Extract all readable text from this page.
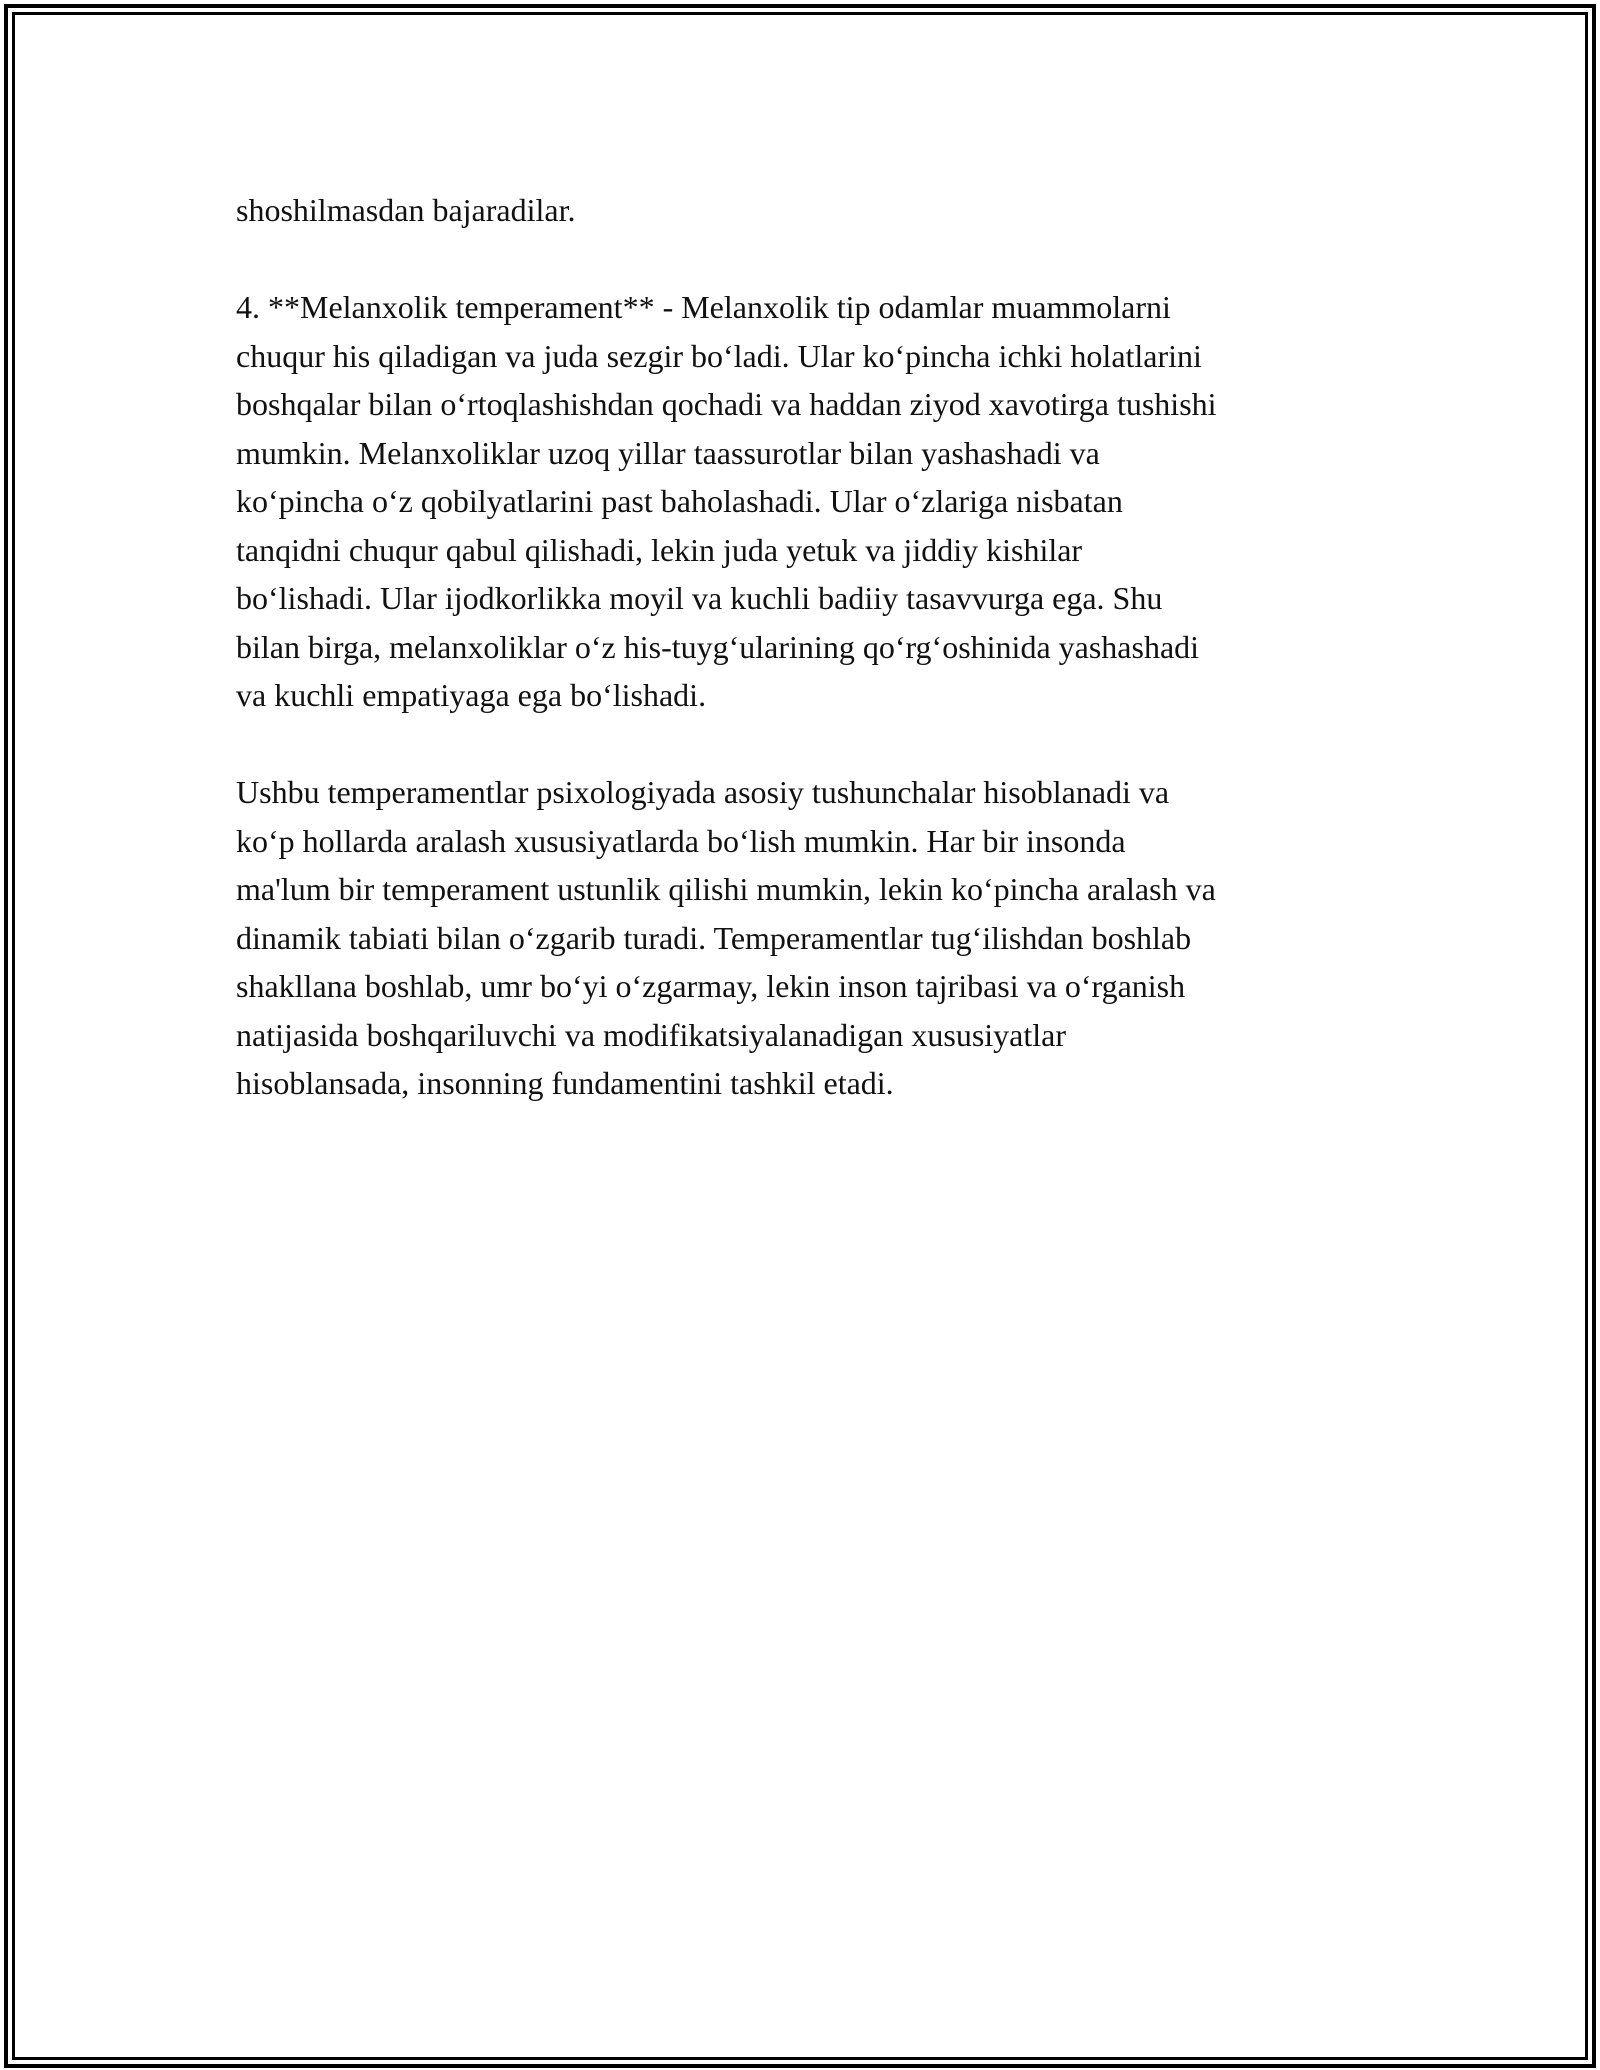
shoshilmasdan bajaradilar.
4. **Melanxolik temperament** - Melanxolik tip odamlar muammolarni
chuqur his qiladigan va juda sezgir bo‘ladi. Ular ko‘pincha ichki holatlarini
boshqalar bilan o‘rtoqlashishdan qochadi va haddan ziyod xavotirga tushishi
mumkin. Melanxoliklar uzoq yillar taassurotlar bilan yashashadi va
ko‘pincha o‘z qobilyatlarini past baholashadi. Ular o‘zlariga nisbatan
tanqidni chuqur qabul qilishadi, lekin juda yetuk va jiddiy kishilar
bo‘lishadi. Ular ijodkorlikka moyil va kuchli badiiy tasavvurga ega. Shu
bilan birga, melanxoliklar o‘z his-tuyg‘ularining qo‘rg‘oshinida yashashadi
va kuchli empatiyaga ega bo‘lishadi.
Ushbu temperamentlar psixologiyada asosiy tushunchalar hisoblanadi va
ko‘p hollarda aralash xususiyatlarda bo‘lish mumkin. Har bir insonda
ma'lum bir temperament ustunlik qilishi mumkin, lekin ko‘pincha aralash va
dinamik tabiati bilan o‘zgarib turadi. Temperamentlar tug‘ilishdan boshlab
shakllana boshlab, umr bo‘yi o‘zgarmay, lekin inson tajribasi va o‘rganish
natijasida boshqariluvchi va modifikatsiyalanadigan xususiyatlar
hisoblansada, insonning fundamentini tashkil etadi.
